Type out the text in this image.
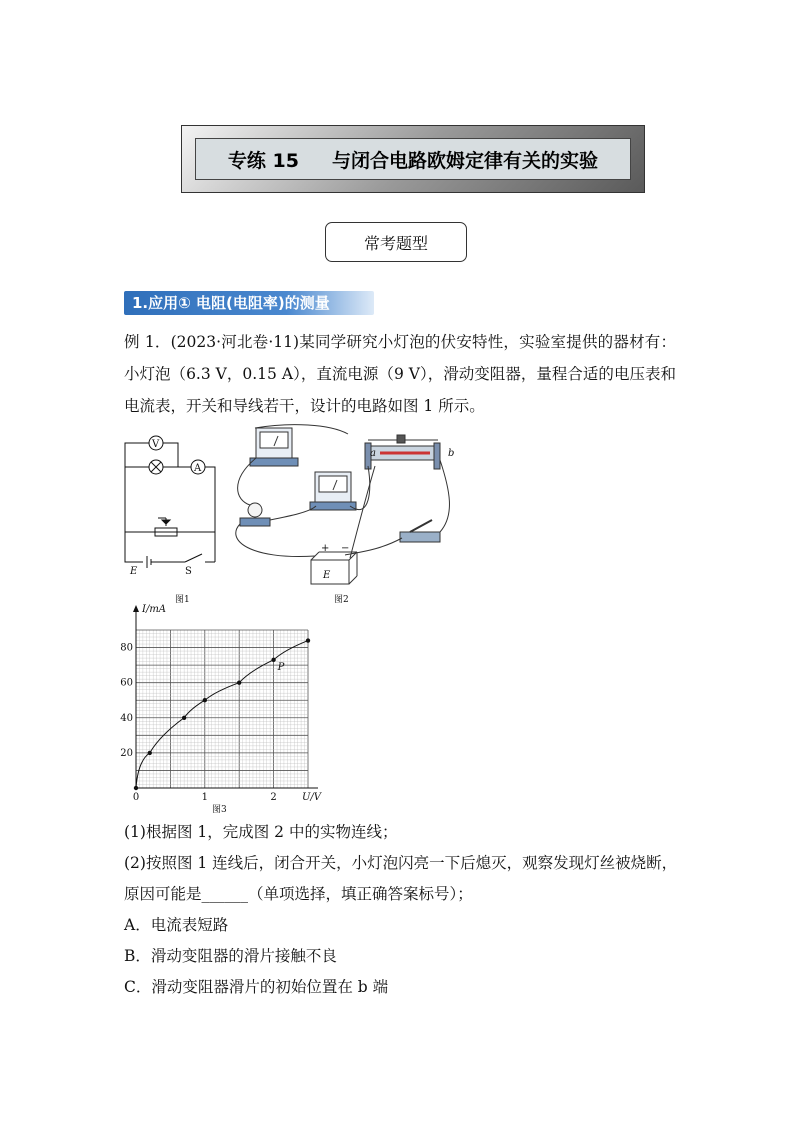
专练 15     与闭合电路欧姆定律有关的实验
常考题型
1.应用① 电阻(电阻率)的测量

例 1．(2023·河北卷·11)某同学研究小灯泡的伏安特性，实验室提供的器材有：小灯泡（6.3 V，0.15 A），直流电源（9 V），滑动变阻器，量程合适的电压表和电流表，开关和导线若干，设计的电路如图 1 所示。

V
A
E	S
图1
a	b
E
+ −
图2
20
40
60
80
0	1	2
I/mA
U/V
图3
P
(1)根据图 1，完成图 2 中的实物连线；
(2)按照图 1 连线后，闭合开关，小灯泡闪亮一下后熄灭，观察发现灯丝被烧断，
原因可能是______（单项选择，填正确答案标号）；
A．电流表短路
B．滑动变阻器的滑片接触不良
C．滑动变阻器滑片的初始位置在 b 端
